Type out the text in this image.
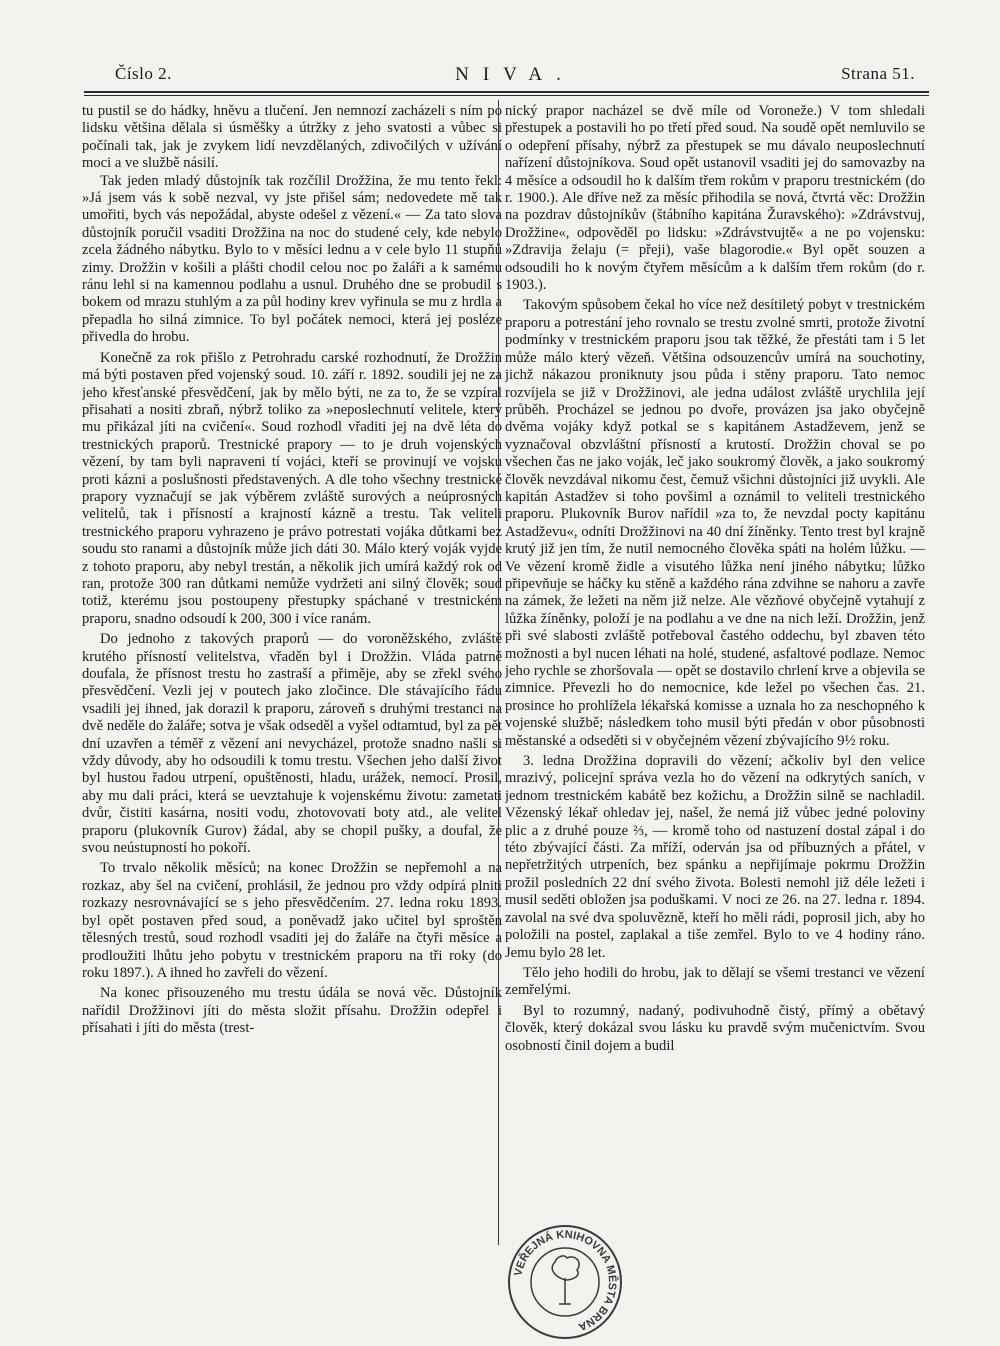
Číslo 2.	NIVA.	Strana 51.

tu pustil se do hádky, hněvu a tlučení. Jen nemnozí zacházeli s ním po lidsku většina dělala si úsměšky a útržky z jeho svatosti a vůbec si počínali tak, jak je zvykem lidí nevzdělaných, zdivočilých v užívání moci a ve službě násilí.

Tak jeden mladý důstojník tak rozčílil Drožžina, že mu tento řekl: »Já jsem vás k sobě nezval, vy jste přišel sám; nedovedete mě tak umořiti, bych vás nepožádal, abyste odešel z vězení.« — Za tato slova důstojník poručil vsaditi Drožžina na noc do studené cely, kde nebylo zcela žádného nábytku. Bylo to v měsíci lednu a v cele bylo 11 stupňů zimy. Drožžin v košili a plášti chodil celou noc po žaláři a k samému ránu lehl si na kamennou podlahu a usnul. Druhého dne se probudil s bokem od mrazu stuhlým a za půl hodiny krev vyřinula se mu z hrdla a přepadla ho silná zimnice. To byl počátek nemoci, která jej posléze přivedla do hrobu.

Konečně za rok přišlo z Petrohradu carské rozhodnutí, že Drožžin má býti postaven před vojenský soud. 10. září r. 1892. soudili jej ne za jeho křesťanské přesvědčení, jak by mělo býti, ne za to, že se vzpíral přisahati a nositi zbraň, nýbrž toliko za »neposlechnutí velitele, který mu přikázal jíti na cvičení«. Soud rozhodl vřaditi jej na dvě léta do trestnických praporů. Trestnické prapory — to je druh vojenských vězení, by tam byli napraveni tí vojáci, kteří se provinují ve vojsku proti kázni a poslušnosti představených. A dle toho všechny trestnické prapory vyznačují se jak výběrem zvláště surových a neúprosných velitelů, tak i přísností a krajností kázně a trestu. Tak veliteli trestnického praporu vyhrazeno je právo potrestati vojáka důtkami bez soudu sto ranami a důstojník může jich dáti 30. Málo který voják vyjde z tohoto praporu, aby nebyl trestán, a několik jich umírá každý rok od ran, protože 300 ran důtkami nemůže vydržeti ani silný člověk; soud totiž, kterému jsou postoupeny přestupky spáchané v trestnickém praporu, snadno odsoudí k 200, 300 i více ranám.

Do jednoho z takových praporů — do voroněžského, zvláště krutého přísností velitelstva, vřaděn byl i Drožžin. Vláda patrně doufala, že přísnost trestu ho zastraší a přiměje, aby se zřekl svého přesvědčení. Vezli jej v poutech jako zločince. Dle stávajícího řádu vsadili jej ihned, jak dorazil k praporu, zároveň s druhými trestanci na dvě neděle do žaláře; sotva je však odseděl a vyšel odtamtud, byl za pět dní uzavřen a téměř z vězení ani nevycházel, protože snadno našli si vždy důvody, aby ho odsoudili k tomu trestu. Všechen jeho další život byl hustou řadou utrpení, opuštěnosti, hladu, urážek, nemocí. Prosil, aby mu dali práci, která se uevztahuje k vojenskému životu: zametati dvůr, čistiti kasárna, nositi vodu, zhotovovati boty atd., ale velitel praporu (plukovník Gurov) žádal, aby se chopil pušky, a doufal, že svou neústupností ho pokoří.

To trvalo několik měsíců; na konec Drožžin se nepřemohl a na rozkaz, aby šel na cvičení, prohlásil, že jednou pro vždy odpírá plniti rozkazy nesrovnávající se s jeho přesvědčením. 27. ledna roku 1893. byl opět postaven před soud, a poněvadž jako učitel byl sproštěn tělesných trestů, soud rozhodl vsaditi jej do žaláře na čtyři měsíce a prodloužiti lhůtu jeho pobytu v trestnickém praporu na tři roky (do roku 1897.). A ihned ho zavřeli do vězení.

Na konec přisouzeného mu trestu údála se nová věc. Důstojník nařídil Drožžinovi jíti do města složit přísahu. Drožžin odepřel i přísahati i jíti do města (trest-

nický prapor nacházel se dvě míle od Voroneže.) V tom shledali přestupek a postavili ho po třetí před soud. Na soudě opět nemluvilo se o odepření přísahy, nýbrž za přestupek se mu dávalo neuposlechnutí nařízení důstojníkova. Soud opět ustanovil vsaditi jej do samovazby na 4 měsíce a odsoudil ho k dalším třem rokům v praporu trestnickém (do r. 1900.). Ale dříve než za měsíc přihodila se nová, čtvrtá věc: Drožžin na pozdrav důstojníkův (štábního kapitána Žuravského): »Zdrávstvuj, Drožžine«, odpověděl po lidsku: »Zdrávstvujtě« a ne po vojensku: »Zdravija želaju (= přeji), vaše blagorodie.« Byl opět souzen a odsoudili ho k novým čtyřem měsícům a k dalším třem rokům (do r. 1903.).

Takovým spůsobem čekal ho více než desítiletý pobyt v trestnickém praporu a potrestání jeho rovnalo se trestu zvolné smrti, protože životní podmínky v trestnickém praporu jsou tak těžké, že přestáti tam i 5 let může málo který vězeň. Většina odsouzencův umírá na souchotiny, jichž nákazou proniknuty jsou půda i stěny praporu. Tato nemoc rozvíjela se již v Drožžinovi, ale jedna událost zvláště urychlila její průběh. Procházel se jednou po dvoře, provázen jsa jako obyčejně dvěma vojáky když potkal se s kapitánem Astadževem, jenž se vyznačoval obzvláštní přísností a krutostí. Drožžin choval se po všechen čas ne jako voják, leč jako soukromý člověk, a jako soukromý člověk nevzdával nikomu čest, čemuž všichni důstojníci již uvykli. Ale kapitán Astadžev si toho povšiml a oznámil to veliteli trestnického praporu. Plukovník Burov nařídil »za to, že nevzdal pocty kapitánu Astadževu«, odníti Drožžinovi na 40 dní žíněnky. Tento trest byl krajně krutý již jen tím, že nutil nemocného člověka spáti na holém lůžku. — Ve vězení kromě židle a visutého lůžka není jiného nábytku; lůžko připevňuje se háčky ku stěně a každého rána zdvihne se nahoru a zavře na zámek, že ležeti na něm již nelze. Ale vězňové obyčejně vytahují z lůžka žíněnky, položí je na podlahu a ve dne na nich leží. Drožžin, jenž při své slabosti zvláště potřeboval častého oddechu, byl zbaven této možnosti a byl nucen léhati na holé, studené, asfaltové podlaze. Nemoc jeho rychle se zhoršovala — opět se dostavilo chrlení krve a objevila se zimnice. Převezli ho do nemocnice, kde ležel po všechen čas. 21. prosince ho prohlížela lékařská komisse a uznala ho za neschopného k vojenské službě; následkem toho musil býti předán v obor působnosti městanské a odseděti si v obyčejném vězení zbývajícího 9½ roku.

3. ledna Drožžina dopravili do vězení; ačkoliv byl den velice mrazivý, policejní správa vezla ho do vězení na odkrytých saních, v jednom trestnickém kabátě bez kožichu, a Drožžin silně se nachladil. Vězenský lékař ohledav jej, našel, že nemá již vůbec jedné poloviny plic a z druhé pouze ⅔, — kromě toho od nastuzení dostal zápal i do této zbývající části. Za mříží, oderván jsa od příbuzných a přátel, v nepřetržitých utrpeních, bez spánku a nepřijímaje pokrmu Drožžin prožil posledních 22 dní svého života. Bolesti nemohl již déle ležeti i musil seděti obložen jsa poduškami. V noci ze 26. na 27. ledna r. 1894. zavolal na své dva spoluvězně, kteří ho měli rádi, poprosil jich, aby ho položili na postel, zaplakal a tiše zemřel. Bylo to ve 4 hodiny ráno. Jemu bylo 28 let.

Tělo jeho hodili do hrobu, jak to dělají se všemi trestanci ve vězení zemřelými.

Byl to rozumný, nadaný, podivuhodně čistý, přímý a obětavý člověk, který dokázal svou lásku ku pravdě svým mučenictvím. Svou osobností činil dojem a budil

VEŘEJNÁ KNIHOVNA MĚSTA BRNA
